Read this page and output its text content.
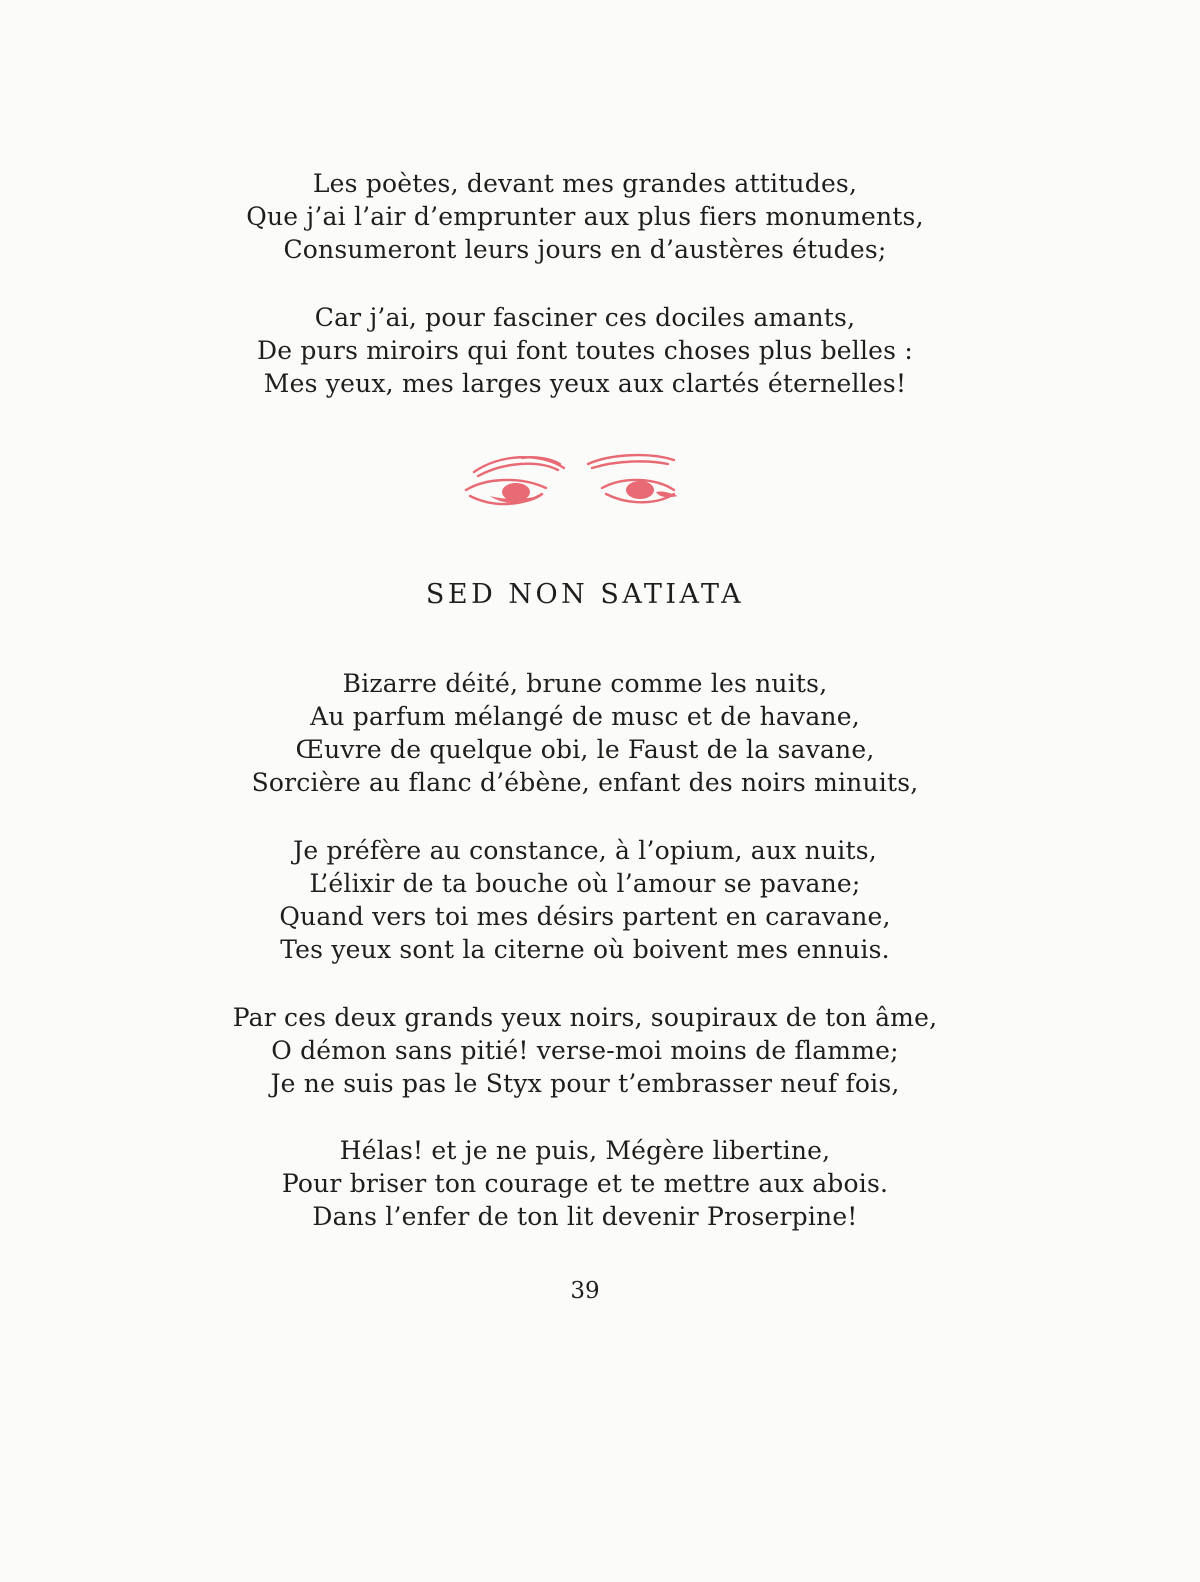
Les poètes, devant mes grandes attitudes,
Que j’ai l’air d’emprunter aux plus fiers monuments,
Consumeront leurs jours en d’austères études;
Car j’ai, pour fasciner ces dociles amants,
De purs miroirs qui font toutes choses plus belles :
Mes yeux, mes larges yeux aux clartés éternelles!
SED NON SATIATA
Bizarre déité, brune comme les nuits,
Au parfum mélangé de musc et de havane,
Œuvre de quelque obi, le Faust de la savane,
Sorcière au flanc d’ébène, enfant des noirs minuits,
Je préfère au constance, à l’opium, aux nuits,
L’élixir de ta bouche où l’amour se pavane;
Quand vers toi mes désirs partent en caravane,
Tes yeux sont la citerne où boivent mes ennuis.
Par ces deux grands yeux noirs, soupiraux de ton âme,
O démon sans pitié! verse-moi moins de flamme;
Je ne suis pas le Styx pour t’embrasser neuf fois,
Hélas! et je ne puis, Mégère libertine,
Pour briser ton courage et te mettre aux abois.
Dans l’enfer de ton lit devenir Proserpine!
39
